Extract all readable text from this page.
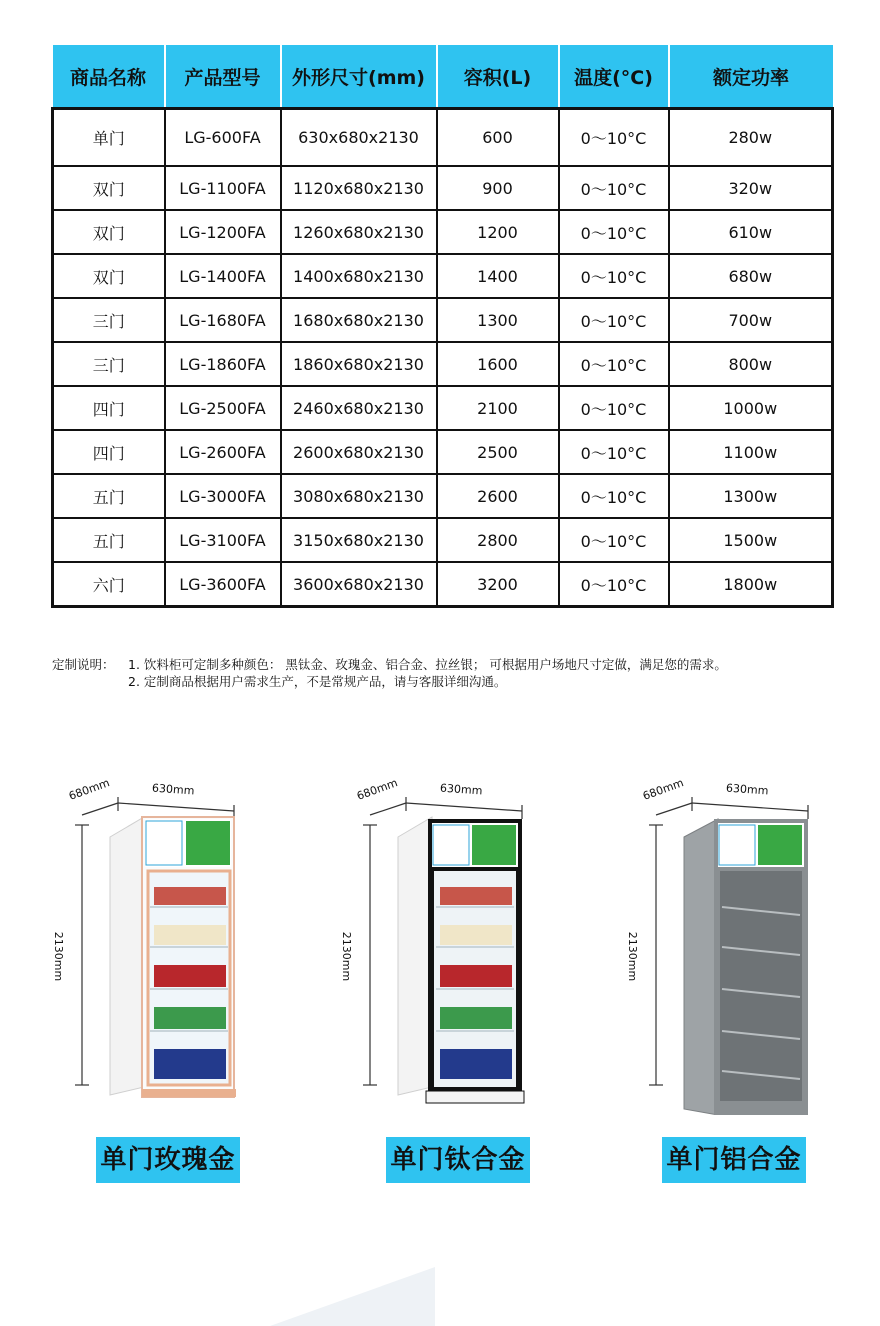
商品名称	产品型号	外形尺寸(mm)	容积(L)	温度(°C)	额定功率
单门	LG-600FA	630x680x2130	600	0～10°C	280w
双门	LG-1100FA	1120x680x2130	900	0～10°C	320w
双门	LG-1200FA	1260x680x2130	1200	0～10°C	610w
双门	LG-1400FA	1400x680x2130	1400	0～10°C	680w
三门	LG-1680FA	1680x680x2130	1300	0～10°C	700w
三门	LG-1860FA	1860x680x2130	1600	0～10°C	800w
四门	LG-2500FA	2460x680x2130	2100	0～10°C	1000w
四门	LG-2600FA	2600x680x2130	2500	0～10°C	1100w
五门	LG-3000FA	3080x680x2130	2600	0～10°C	1300w
五门	LG-3100FA	3150x680x2130	2800	0～10°C	1500w
六门	LG-3600FA	3600x680x2130	3200	0～10°C	1800w
定制说明： 1. 饮料柜可定制多种颜色： 黑钛金、玫瑰金、铝合金、拉丝银； 可根据用户场地尺寸定做，满足您的需求。

2. 定制商品根据用户需求生产，不是常规产品，请与客服详细沟通。

680mm	630mm
2130mm
单门玫瑰金
680mm	630mm
2130mm
单门钛合金
680mm	630mm
2130mm
单门铝合金
